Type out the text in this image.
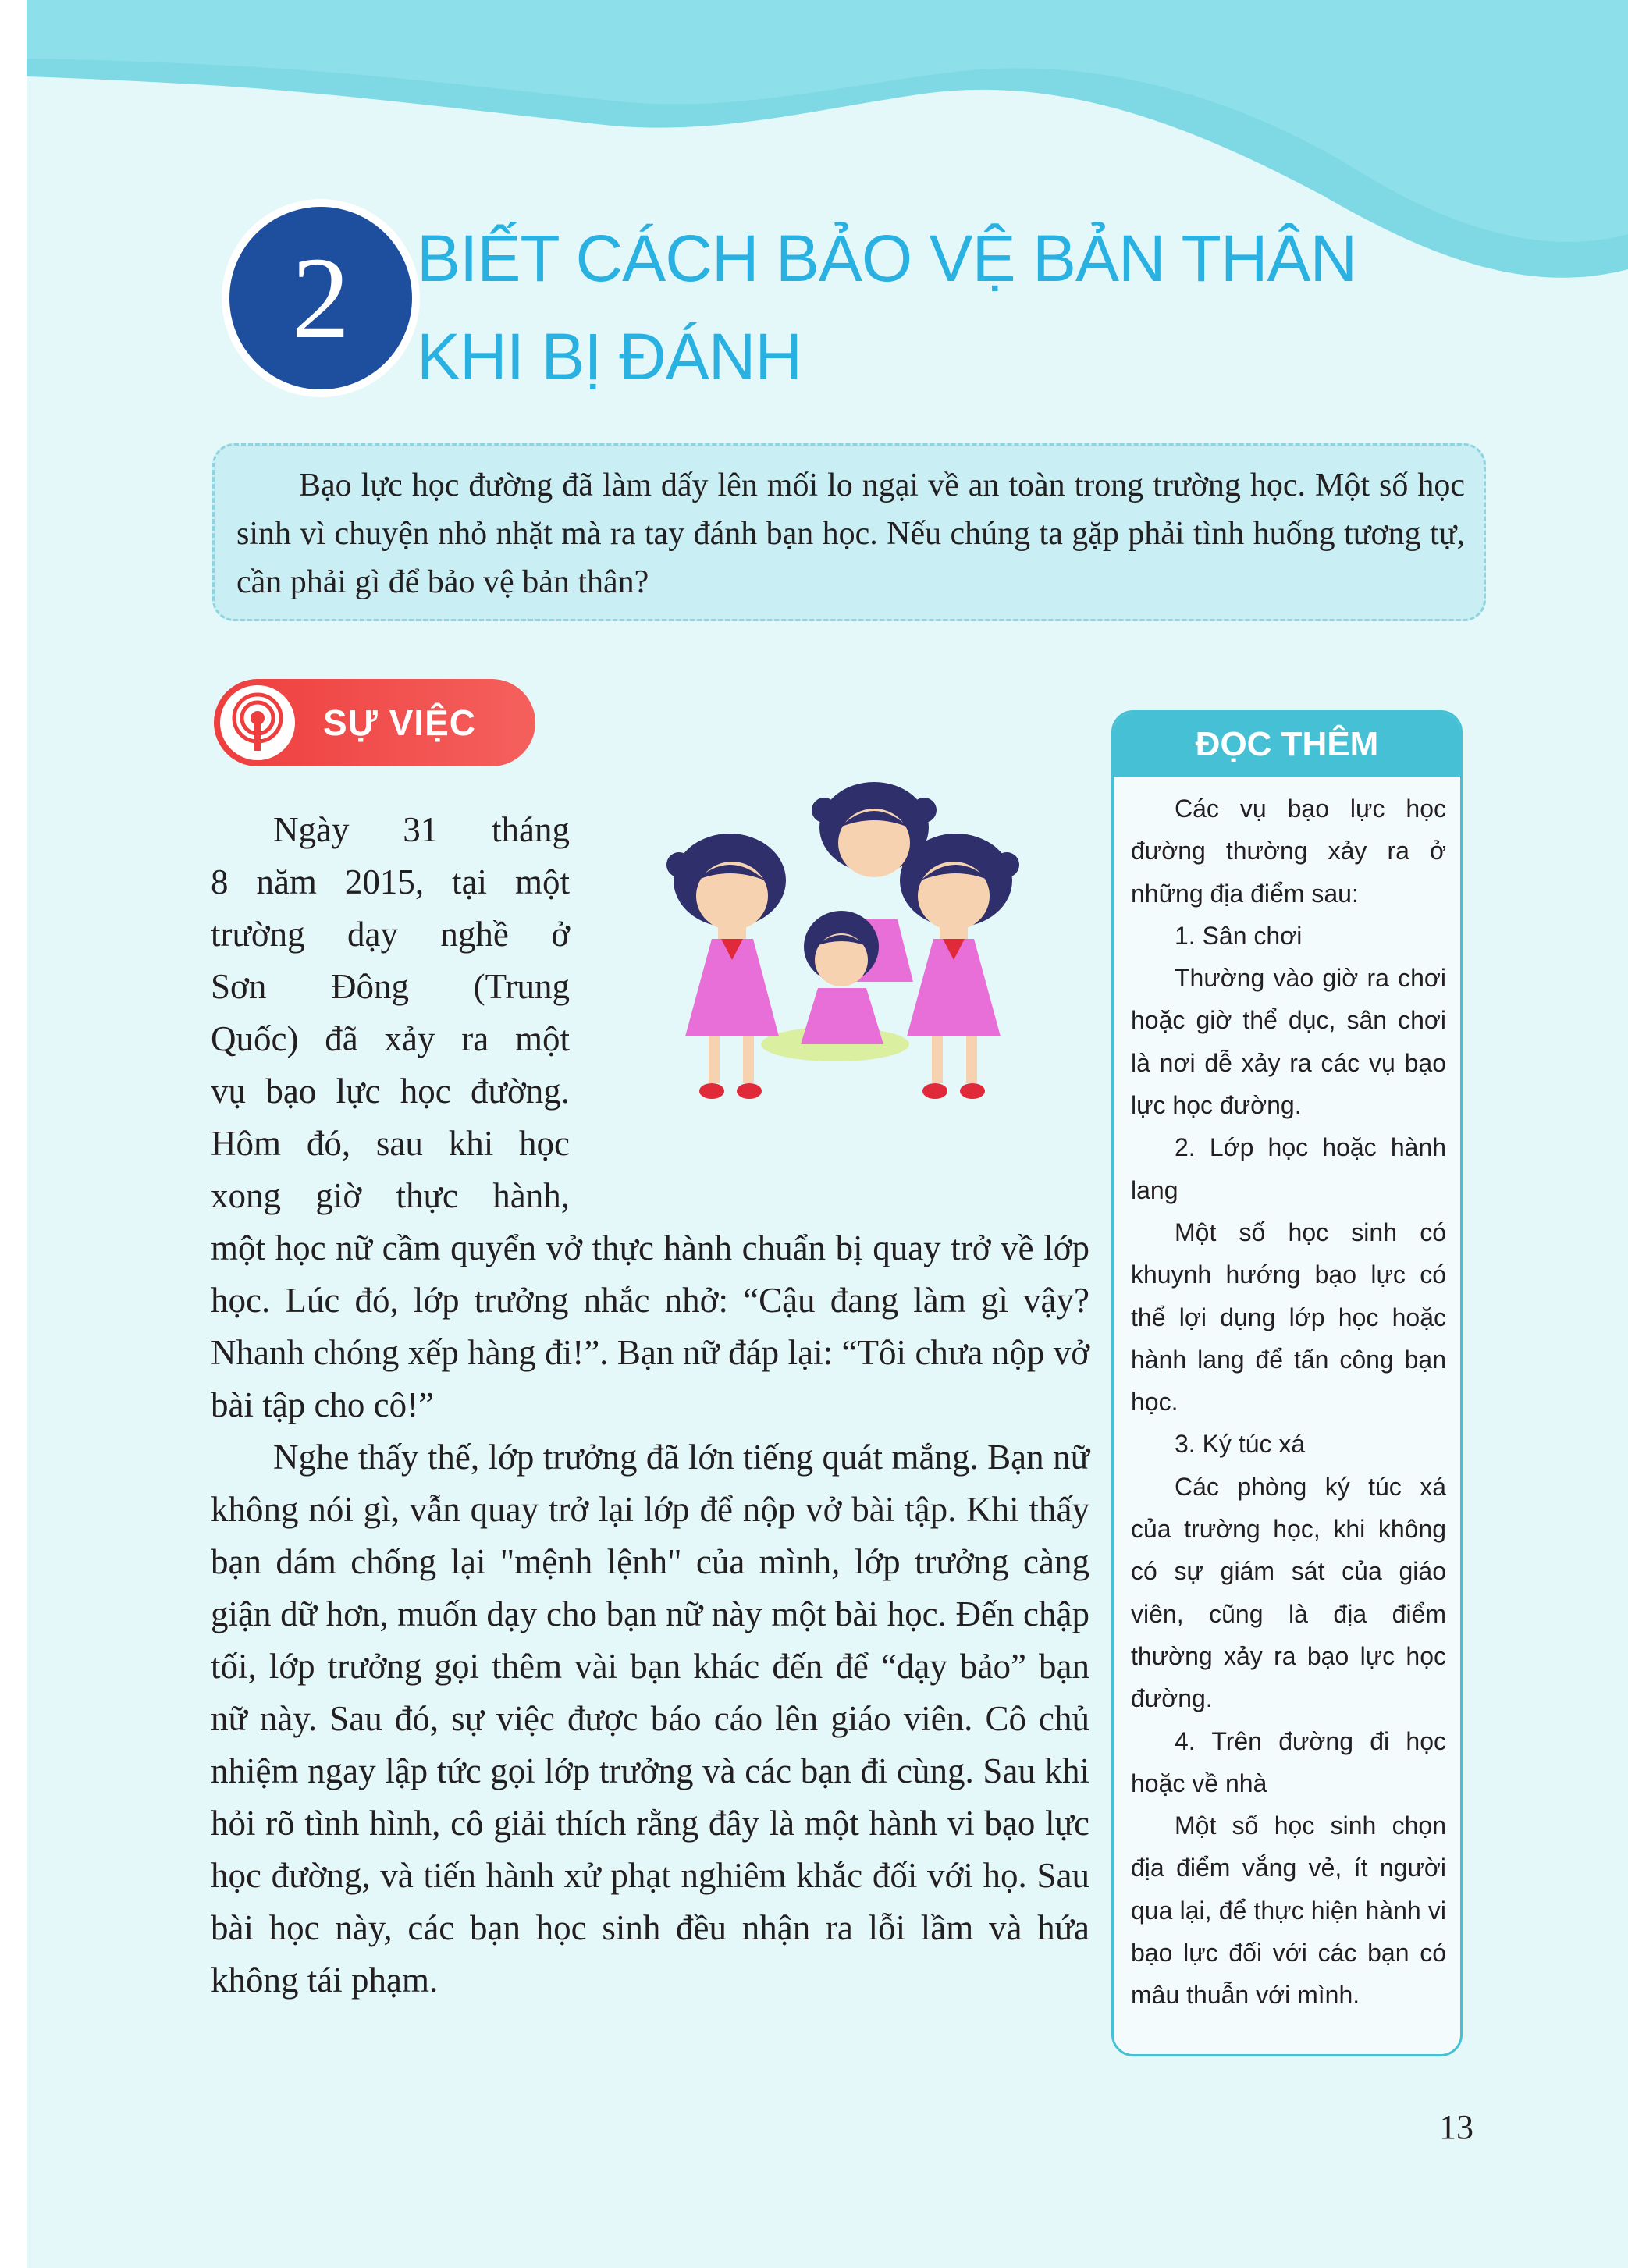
2	BIẾT CÁCH BẢO VỆ BẢN THÂN
KHI BỊ ĐÁNH

Bạo lực học đường đã làm dấy lên mối lo ngại về an toàn trong trường học. Một số học sinh vì chuyện nhỏ nhặt mà ra tay đánh bạn học. Nếu chúng ta gặp phải tình huống tương tự, cần phải gì để bảo vệ bản thân?

SỰ VIỆC
Ngày 31 tháng
8 năm 2015, tại một
trường dạy nghề ở
Sơn Đông (Trung
Quốc) đã xảy ra một
vụ bạo lực học đường.
Hôm đó, sau khi học
xong giờ thực hành,

một học nữ cầm quyển vở thực hành chuẩn bị quay trở về lớp học. Lúc đó, lớp trưởng nhắc nhở: “Cậu đang làm gì vậy? Nhanh chóng xếp hàng đi!”. Bạn nữ đáp lại: “Tôi chưa nộp vở bài tập cho cô!”

Nghe thấy thế, lớp trưởng đã lớn tiếng quát mắng. Bạn nữ không nói gì, vẫn quay trở lại lớp để nộp vở bài tập. Khi thấy bạn dám chống lại "mệnh lệnh" của mình, lớp trưởng càng giận dữ hơn, muốn dạy cho bạn nữ này một bài học. Đến chập tối, lớp trưởng gọi thêm vài bạn khác đến để “dạy bảo” bạn nữ này. Sau đó, sự việc được báo cáo lên giáo viên. Cô chủ nhiệm ngay lập tức gọi lớp trưởng và các bạn đi cùng. Sau khi hỏi rõ tình hình, cô giải thích rằng đây là một hành vi bạo lực học đường, và tiến hành xử phạt nghiêm khắc đối với họ. Sau bài học này, các bạn học sinh đều nhận ra lỗi lầm và hứa không tái phạm.

ĐỌC THÊM

Các vụ bạo lực học đường thường xảy ra ở những địa điểm sau:

1. Sân chơi

Thường vào giờ ra chơi hoặc giờ thể dục, sân chơi là nơi dễ xảy ra các vụ bạo lực học đường.

2. Lớp học hoặc hành lang

Một số học sinh có khuynh hướng bạo lực có thể lợi dụng lớp học hoặc hành lang để tấn công bạn học.

3. Ký túc xá

Các phòng ký túc xá của trường học, khi không có sự giám sát của giáo viên, cũng là địa điểm thường xảy ra bạo lực học đường.

4. Trên đường đi học hoặc về nhà

Một số học sinh chọn địa điểm vắng vẻ, ít người qua lại, để thực hiện hành vi bạo lực đối với các bạn có mâu thuẫn với mình.

13
